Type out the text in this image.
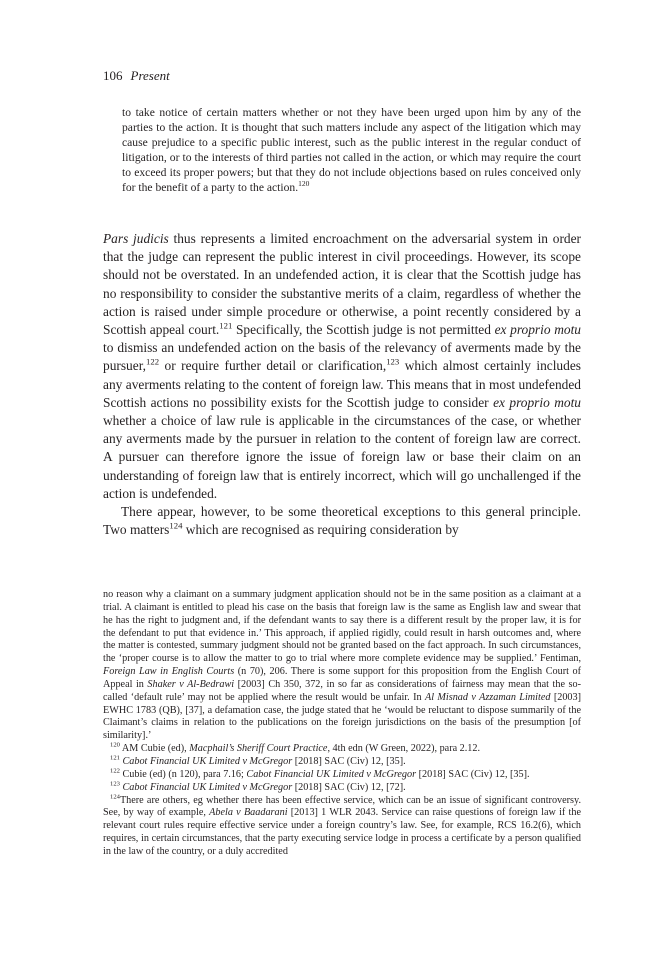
106 Present
to take notice of certain matters whether or not they have been urged upon him by any of the parties to the action. It is thought that such matters include any aspect of the litigation which may cause prejudice to a specific public interest, such as the public interest in the regular conduct of litigation, or to the interests of third parties not called in the action, or which may require the court to exceed its proper powers; but that they do not include objections based on rules conceived only for the benefit of a party to the action.$^{120}$

Pars judicis thus represents a limited encroachment on the adversarial system in order that the judge can represent the public interest in civil proceedings. However, its scope should not be overstated. In an undefended action, it is clear that the Scottish judge has no responsibility to consider the substantive merits of a claim, regardless of whether the action is raised under simple procedure or otherwise, a point recently considered by a Scottish appeal court.$^{121}$ Specifically, the Scottish judge is not permitted ex proprio motu to dismiss an undefended action on the basis of the relevancy of averments made by the pursuer,$^{122}$ or require further detail or clarification,$^{123}$ which almost certainly includes any averments relating to the content of foreign law. This means that in most undefended Scottish actions no possibility exists for the Scottish judge to consider ex proprio motu whether a choice of law rule is applicable in the circumstances of the case, or whether any averments made by the pursuer in relation to the content of foreign law are correct. A pursuer can therefore ignore the issue of foreign law or base their claim on an understanding of foreign law that is entirely incorrect, which will go unchallenged if the action is undefended.

There appear, however, to be some theoretical exceptions to this general principle. Two matters$^{124}$ which are recognised as requiring consideration by

no reason why a claimant on a summary judgment application should not be in the same position as a claimant at a trial. A claimant is entitled to plead his case on the basis that foreign law is the same as English law and swear that he has the right to judgment and, if the defendant wants to say there is a different result by the proper law, it is for the defendant to put that evidence in.’ This approach, if applied rigidly, could result in harsh outcomes and, where the matter is contested, summary judgment should not be granted based on the fact approach. In such circumstances, the ‘proper course is to allow the matter to go to trial where more complete evidence may be supplied.’ Fentiman, Foreign Law in English Courts (n 70), 206. There is some support for this proposition from the English Court of Appeal in Shaker v Al-Bedrawi [2003] Ch 350, 372, in so far as considerations of fairness may mean that the so-called ‘default rule’ may not be applied where the result would be unfair. In Al Misnad v Azzaman Limited [2003] EWHC 1783 (QB), [37], a defamation case, the judge stated that he ‘would be reluctant to dispose summarily of the Claimant’s claims in relation to the publications on the foreign jurisdictions on the basis of the presumption [of similarity].’

$^{120}$ AM Cubie (ed), Macphail’s Sheriff Court Practice, 4th edn (W Green, 2022), para 2.12.

$^{121}$ Cabot Financial UK Limited v McGregor [2018] SAC (Civ) 12, [35].

$^{122}$ Cubie (ed) (n 120), para 7.16; Cabot Financial UK Limited v McGregor [2018] SAC (Civ) 12, [35].

$^{123}$ Cabot Financial UK Limited v McGregor [2018] SAC (Civ) 12, [72].

$^{124}$There are others, eg whether there has been effective service, which can be an issue of significant controversy. See, by way of example, Abela v Baadarani [2013] 1 WLR 2043. Service can raise questions of foreign law if the relevant court rules require effective service under a foreign country’s law. See, for example, RCS 16.2(6), which requires, in certain circumstances, that the party executing service lodge in process a certificate by a person qualified in the law of the country, or a duly accredited
